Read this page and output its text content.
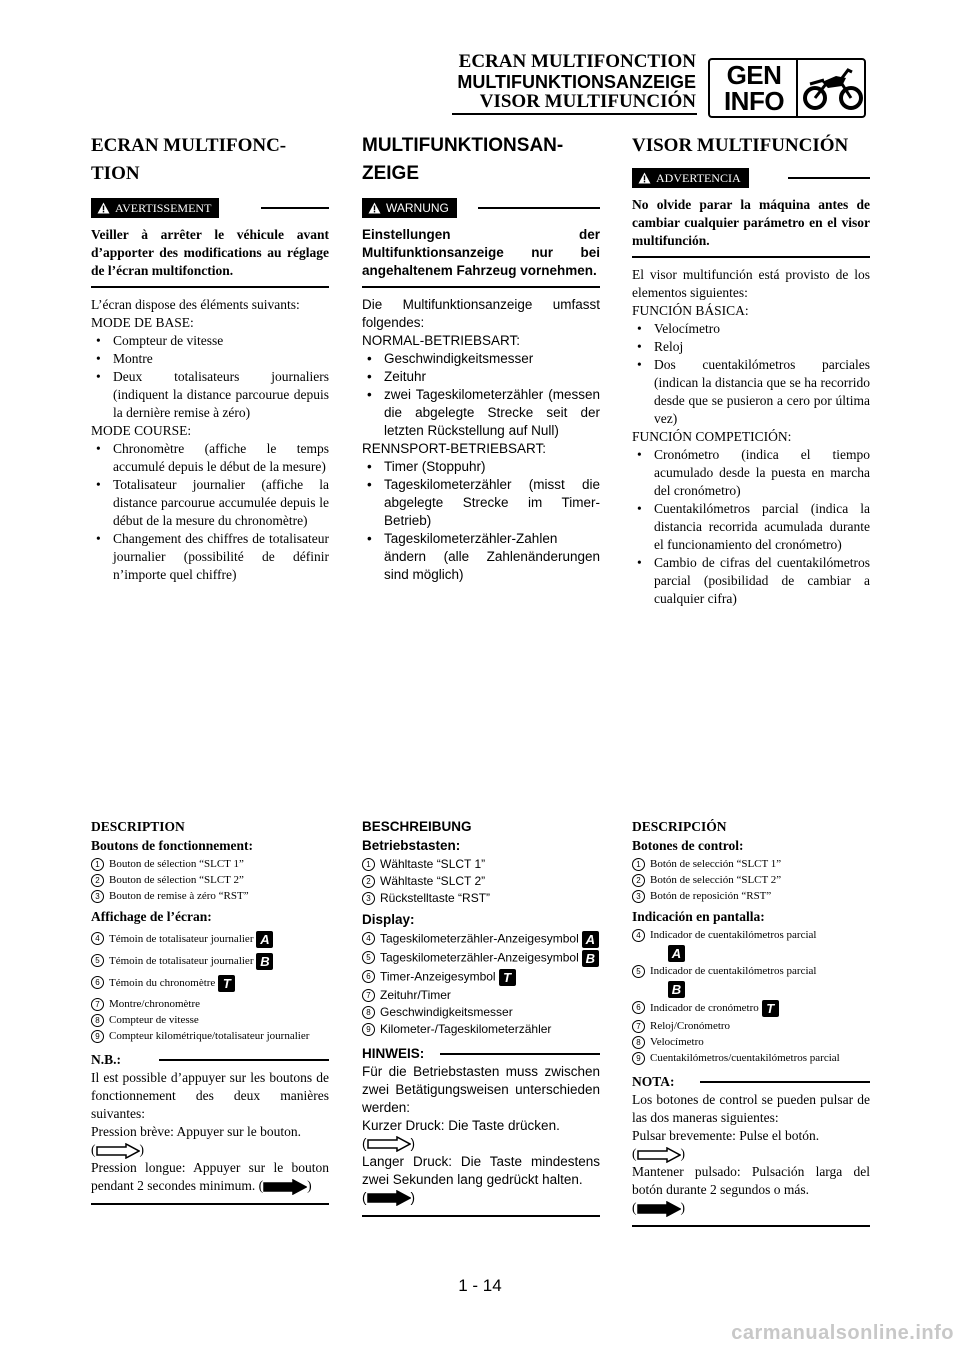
ECRAN MULTIFONCTION
MULTIFUNKTIONSANZEIGE
VISOR MULTIFUNCIÓN
GEN
INFO
ECRAN MULTIFONC-
TION
AVERTISSEMENT
Veiller à arrêter le véhicule avant d’apporter des modifications au réglage de l’écran multifonction.

L’écran dispose des éléments suivants:

MODE DE BASE:

• Compteur de vitesse
• Montre
• Deux totalisateurs journaliers (indiquent la distance parcourue depuis la dernière remise à zéro)

MODE COURSE:

• Chronomètre (affiche le temps accumulé depuis le début de la mesure)
• Totalisateur journalier (affiche la distance parcourue accumulée depuis le début de la mesure du chronomètre)
• Changement des chiffres de totalisateur journalier (possibilité de définir n’importe quel chiffre)
MULTIFUNKTIONSAN-
ZEIGE
WARNUNG
Einstellungen der Multifunktionsanzeige nur bei angehaltenem Fahrzeug vornehmen.

Die Multifunktionsanzeige umfasst folgendes:

NORMAL-BETRIEBSART:

• Geschwindigkeitsmesser
• Zeituhr
• zwei Tageskilometerzähler (messen die abgelegte Strecke seit der letzten Rückstellung auf Null)

RENNSPORT-BETRIEBSART:

• Timer (Stoppuhr)
• Tageskilometerzähler (misst die abgelegte Strecke im Timer-Betrieb)
• Tageskilometerzähler-Zahlen ändern (alle Zahlenänderungen sind möglich)
VISOR MULTIFUNCIÓN
ADVERTENCIA
No olvide parar la máquina antes de cambiar cualquier parámetro en el visor multifunción.

El visor multifunción está provisto de los elementos siguientes:

FUNCIÓN BÁSICA:

• Velocímetro
• Reloj
• Dos cuentakilómetros parciales (indican la distancia que se ha recorrido desde que se pusieron a cero por última vez)

FUNCIÓN COMPETICIÓN:

• Cronómetro (indica el tiempo acumulado desde la puesta en marcha del cronómetro)
• Cuentakilómetros parcial (indica la distancia recorrida acumulada durante el funcionamiento del cronómetro)
• Cambio de cifras del cuentakilómetros parcial (posibilidad de cambiar a cualquier cifra)
DESCRIPTION
Boutons de fonctionnement:
1 Bouton de sélection “SLCT 1”
2 Bouton de sélection “SLCT 2”
3 Bouton de remise à zéro “RST”
Affichage de l’écran:
4 Témoin de totalisateur journalier A
5 Témoin de totalisateur journalier B
6 Témoin du chronomètre T
7 Montre/chronomètre
8 Compteur de vitesse
9 Compteur kilométrique/totalisateur journalier
N.B.:
Il est possible d’appuyer sur les boutons de fonctionnement des deux manières suivantes:
Pression brève: Appuyer sur le bouton.
(	)
Pression longue: Appuyer sur le bouton pendant 2 secondes minimum. (	)
BESCHREIBUNG
Betriebstasten:
1 Wähltaste “SLCT 1”
2 Wähltaste “SLCT 2”
3 Rückstelltaste “RST”
Display:
4 Tageskilometerzähler-Anzeigesymbol A
5 Tageskilometerzähler-Anzeigesymbol B
6 Timer-Anzeigesymbol T
7 Zeituhr/Timer
8 Geschwindigkeitsmesser
9 Kilometer-/Tageskilometerzähler
HINWEIS:
Für die Betriebstasten muss zwischen zwei Betätigungsweisen unterschieden werden:
Kurzer Druck: Die Taste drücken.
(	)
Langer Druck: Die Taste mindestens zwei Sekunden lang gedrückt halten.
(	)
DESCRIPCIÓN
Botones de control:
1 Botón de selección “SLCT 1”
2 Botón de selección “SLCT 2”
3 Botón de reposición “RST”
Indicación en pantalla:
4 Indicador de cuentakilómetros parcial
A
5 Indicador de cuentakilómetros parcial
B
6 Indicador de cronómetro T
7 Reloj/Cronómetro
8 Velocímetro
9 Cuentakilómetros/cuentakilómetros parcial
NOTA:
Los botones de control se pueden pulsar de las dos maneras siguientes:
Pulsar brevemente: Pulse el botón.
(	)
Mantener pulsado: Pulsación larga del botón durante 2 segundos o más.
(	)
1 - 14
carmanualsonline.info
